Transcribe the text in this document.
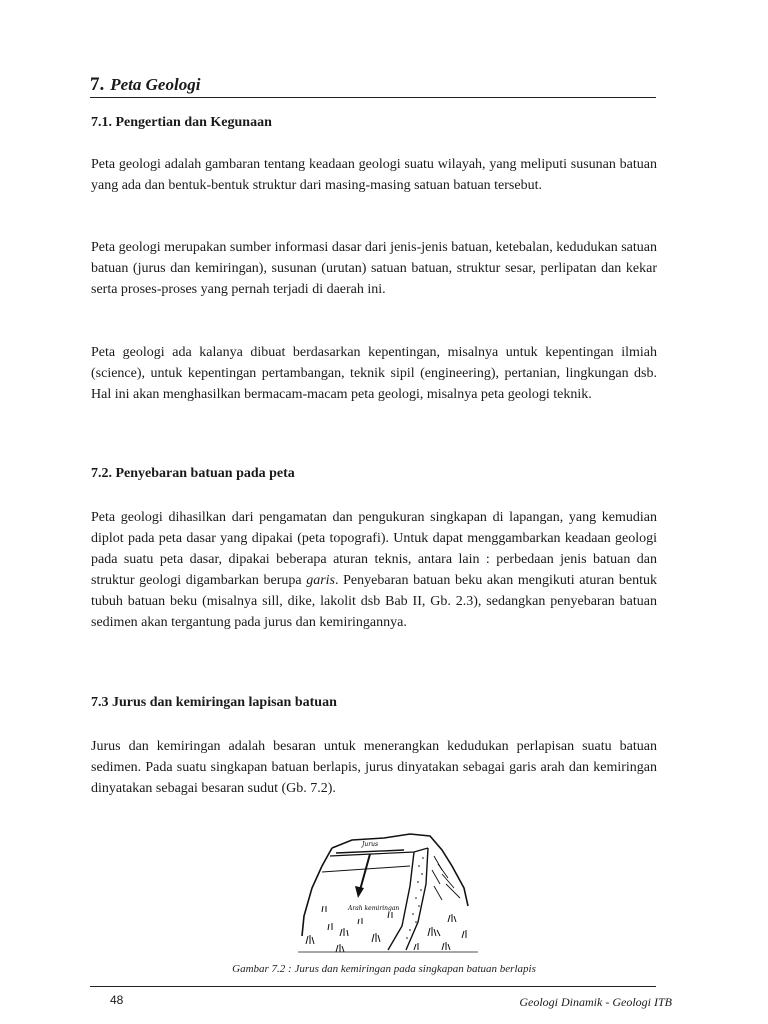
7. Peta Geologi
7.1. Pengertian dan Kegunaan

Peta geologi adalah gambaran tentang keadaan geologi suatu wilayah, yang meliputi susunan batuan yang ada dan bentuk-bentuk struktur dari masing-masing satuan batuan tersebut.

Peta geologi merupakan sumber informasi dasar dari jenis-jenis batuan, ketebalan, kedudukan satuan batuan (jurus dan kemiringan), susunan (urutan) satuan batuan, struktur sesar, perlipatan dan kekar serta proses-proses yang pernah terjadi di daerah ini.

Peta geologi ada kalanya dibuat berdasarkan kepentingan, misalnya untuk kepentingan ilmiah (science), untuk kepentingan pertambangan, teknik sipil (engineering), pertanian, lingkungan dsb. Hal ini akan menghasilkan bermacam-macam peta geologi, misalnya peta geologi teknik.

7.2. Penyebaran batuan pada peta

Peta geologi dihasilkan dari pengamatan dan pengukuran singkapan di lapangan, yang kemudian diplot pada peta dasar yang dipakai (peta topografi). Untuk dapat menggambarkan keadaan geologi pada suatu peta dasar, dipakai beberapa aturan teknis, antara lain : perbedaan jenis batuan dan struktur geologi digambarkan berupa garis. Penyebaran batuan beku akan mengikuti aturan bentuk tubuh batuan beku (misalnya sill, dike, lakolit dsb Bab II, Gb. 2.3), sedangkan penyebaran batuan sedimen akan tergantung pada jurus dan kemiringannya.

7.3 Jurus dan kemiringan lapisan batuan

Jurus dan kemiringan adalah besaran untuk menerangkan kedudukan perlapisan suatu batuan sedimen. Pada suatu singkapan batuan berlapis, jurus dinyatakan sebagai garis arah dan kemiringan dinyatakan sebagai besaran sudut (Gb. 7.2).

Jurus
Arah kemiringan
Gambar 7.2 : Jurus dan kemiringan pada singkapan batuan berlapis
48	Geologi Dinamik - Geologi ITB
